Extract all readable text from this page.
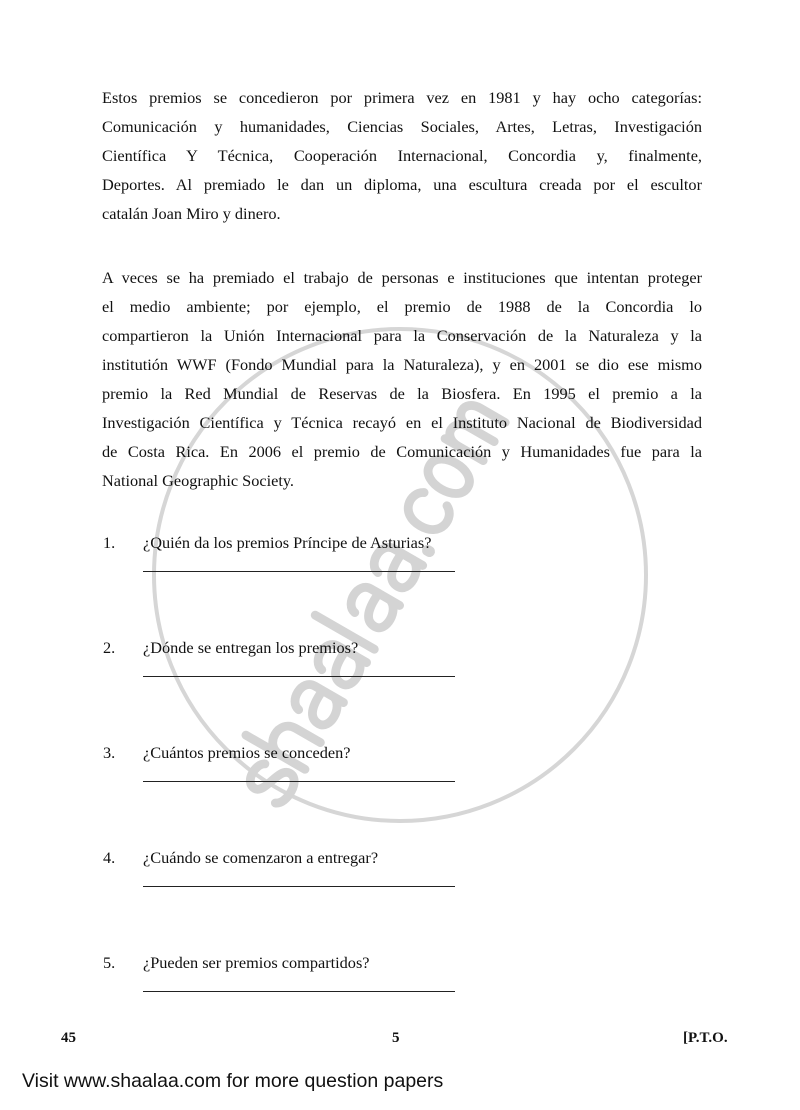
Estos premios se concedieron por primera vez en 1981 y hay ocho categorías:
Comunicación y humanidades, Ciencias Sociales, Artes, Letras, Investigación
Científica Y Técnica, Cooperación Internacional, Concordia y, finalmente,
Deportes. Al premiado le dan un diploma, una escultura creada por el escultor
catalán Joan Miro y dinero.
A veces se ha premiado el trabajo de personas e instituciones que intentan proteger
el medio ambiente; por ejemplo, el premio de 1988 de la Concordia lo
compartieron la Unión Internacional para la Conservación de la Naturaleza y la
institutión WWF (Fondo Mundial para la Naturaleza), y en 2001 se dio ese mismo
premio la Red Mundial de Reservas de la Biosfera. En 1995 el premio a la
Investigación Científica y Técnica recayó en el Instituto Nacional de Biodiversidad
de Costa Rica. En 2006 el premio de Comunicación y Humanidades fue para la
National Geographic Society.
1. ¿Quién da los premios Príncipe de Asturias?
2. ¿Dónde se entregan los premios?
3. ¿Cuántos premios se conceden?
4. ¿Cuándo se comenzaron a entregar?
5. ¿Pueden ser premios compartidos?
45	5	[P.T.O.
Visit www.shaalaa.com for more question papers
